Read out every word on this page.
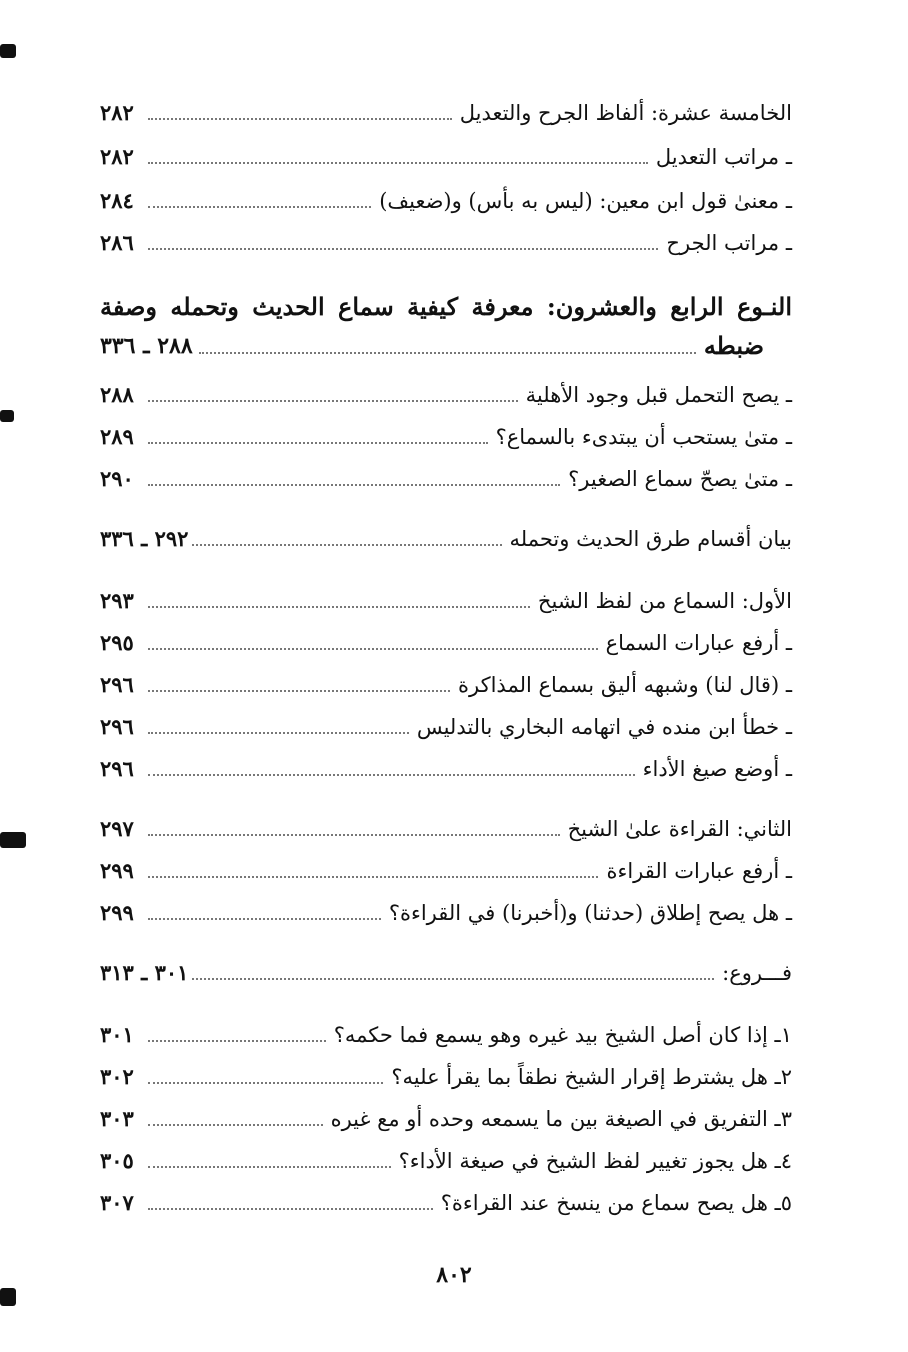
الخامسة عشرة: ألفاظ الجرح والتعديل
٢٨٢
ـ مراتب التعديل
٢٨٢
ـ معنىٰ قول ابن معين: (ليس به بأس) و(ضعيف)
٢٨٤
ـ مراتب الجرح
٢٨٦
النـوع الرابع والعشرون: معرفة كيفية سماع الحديث وتحمله وصفة
ضبطه
٢٨٨ ـ ٣٣٦
ـ يصح التحمل قبل وجود الأهلية
٢٨٨
ـ متىٰ يستحب أن يبتدىء بالسماع؟
٢٨٩
ـ متىٰ يصحّ سماع الصغير؟
٢٩٠
بيان أقسام طرق الحديث وتحمله
٢٩٢ ـ ٣٣٦
الأول: السماع من لفظ الشيخ
٢٩٣
ـ أرفع عبارات السماع
٢٩٥
ـ (قال لنا) وشبهه أليق بسماع المذاكرة
٢٩٦
ـ خطأ ابن منده في اتهامه البخاري بالتدليس
٢٩٦
ـ أوضع صيغ الأداء
٢٩٦
الثاني: القراءة علىٰ الشيخ
٢٩٧
ـ أرفع عبارات القراءة
٢٩٩
ـ هل يصح إطلاق (حدثنا) و(أخبرنا) في القراءة؟
٢٩٩
فـــروع:
٣٠١ ـ ٣١٣
١ـ إذا كان أصل الشيخ بيد غيره وهو يسمع فما حكمه؟
٣٠١
٢ـ هل يشترط إقرار الشيخ نطقاً بما يقرأ عليه؟
٣٠٢
٣ـ التفريق في الصيغة بين ما يسمعه وحده أو مع غيره
٣٠٣
٤ـ هل يجوز تغيير لفظ الشيخ في صيغة الأداء؟
٣٠٥
٥ـ هل يصح سماع من ينسخ عند القراءة؟
٣٠٧
٨٠٢
